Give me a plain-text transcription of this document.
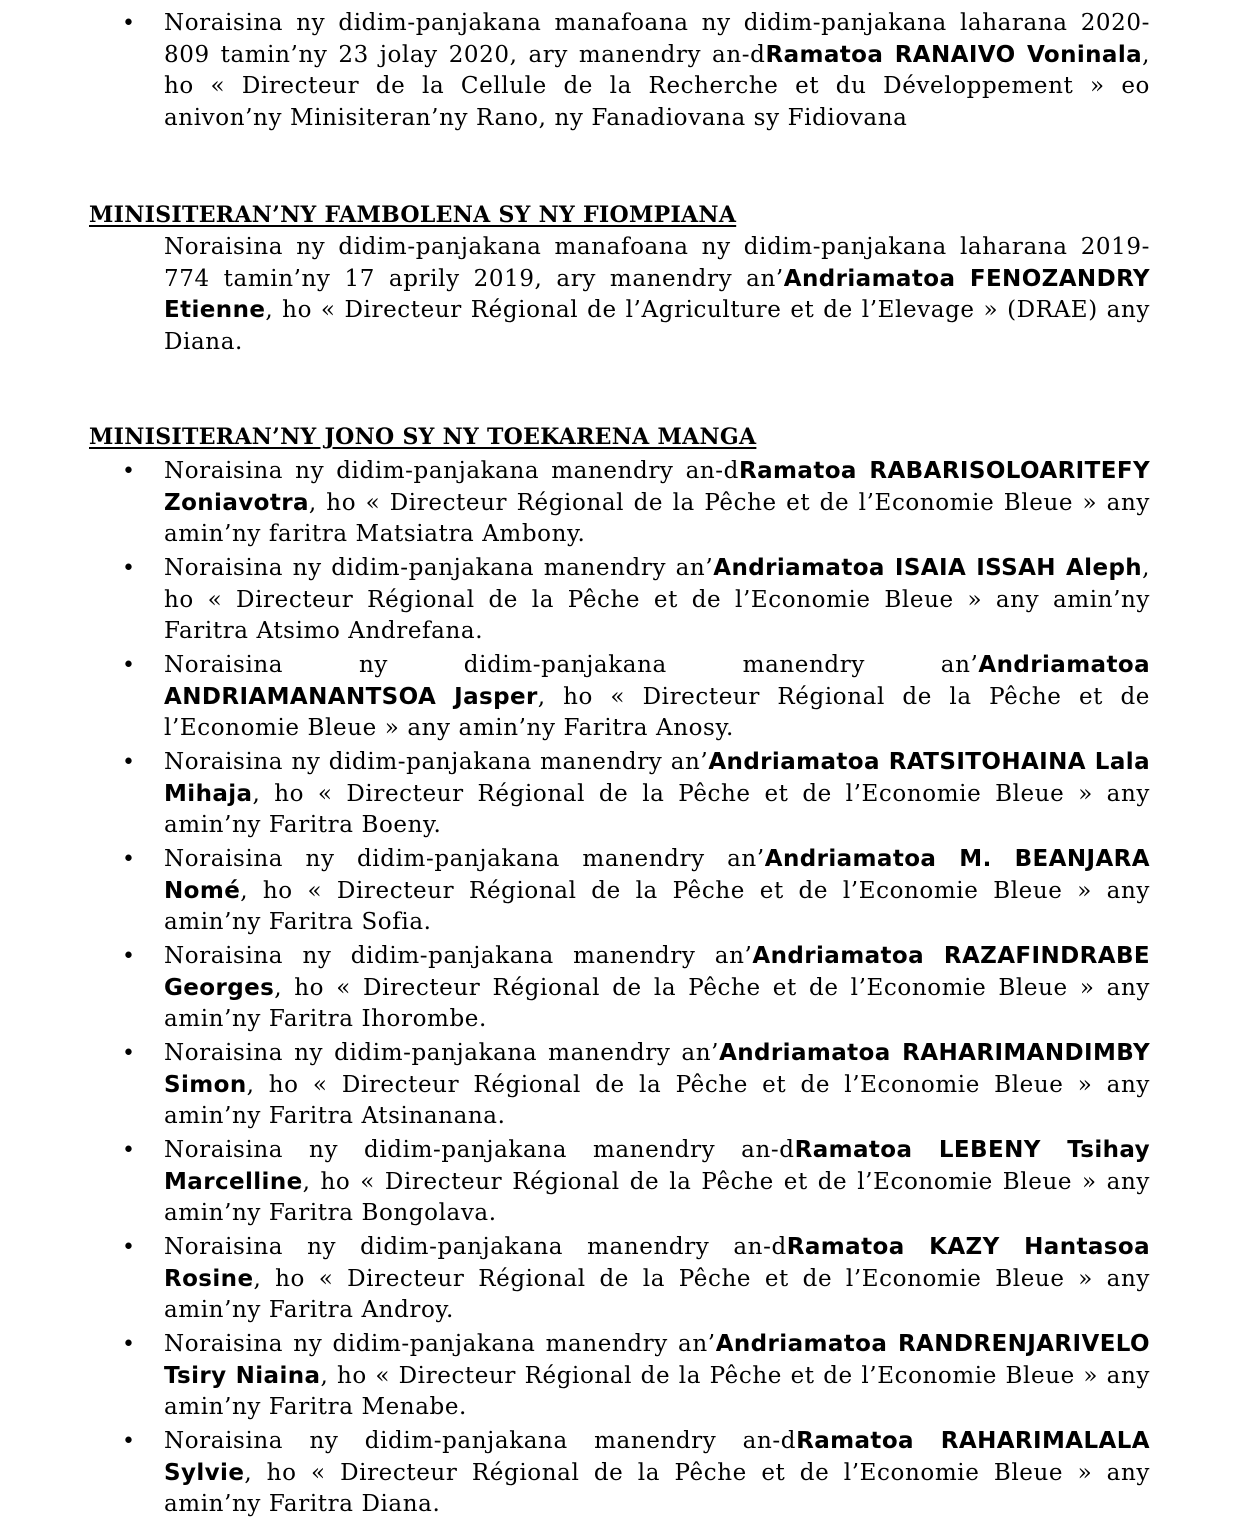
• Noraisina ny didim-panjakana manafoana ny didim-panjakana laharana 2020-809 tamin’ny 23 jolay 2020, ary manendry an-dRamatoa RANAIVO Voninala, ho « Directeur de la Cellule de la Recherche et du Développement » eo anivon’ny Minisiteran’ny Rano, ny Fanadiovana sy Fidiovana
MINISITERAN’NY FAMBOLENA SY NY FIOMPIANA
Noraisina ny didim-panjakana manafoana ny didim-panjakana laharana 2019-774 tamin’ny 17 aprily 2019, ary manendry an’Andriamatoa FENOZANDRY Etienne, ho « Directeur Régional de l’Agriculture et de l’Elevage » (DRAE) any Diana.
MINISITERAN’NY JONO SY NY TOEKARENA MANGA
• Noraisina ny didim-panjakana manendry an-dRamatoa RABARISOLOARITEFY Zoniavotra, ho « Directeur Régional de la Pêche et de l’Economie Bleue » any amin’ny faritra Matsiatra Ambony.
• Noraisina ny didim-panjakana manendry an’Andriamatoa ISAIA ISSAH Aleph, ho « Directeur Régional de la Pêche et de l’Economie Bleue » any amin’ny Faritra Atsimo Andrefana.
• Noraisina ny didim-panjakana manendry an’Andriamatoa ANDRIAMANANTSOA Jasper, ho « Directeur Régional de la Pêche et de l’Economie Bleue » any amin’ny Faritra Anosy.
• Noraisina ny didim-panjakana manendry an’Andriamatoa RATSITOHAINA Lala Mihaja, ho « Directeur Régional de la Pêche et de l’Economie Bleue » any amin’ny Faritra Boeny.
• Noraisina ny didim-panjakana manendry an’Andriamatoa M. BEANJARA Nomé, ho « Directeur Régional de la Pêche et de l’Economie Bleue » any amin’ny Faritra Sofia.
• Noraisina ny didim-panjakana manendry an’Andriamatoa RAZAFINDRABE Georges, ho « Directeur Régional de la Pêche et de l’Economie Bleue » any amin’ny Faritra Ihorombe.
• Noraisina ny didim-panjakana manendry an’Andriamatoa RAHARIMANDIMBY Simon, ho « Directeur Régional de la Pêche et de l’Economie Bleue » any amin’ny Faritra Atsinanana.
• Noraisina ny didim-panjakana manendry an-dRamatoa LEBENY Tsihay Marcelline, ho « Directeur Régional de la Pêche et de l’Economie Bleue » any amin’ny Faritra Bongolava.
• Noraisina ny didim-panjakana manendry an-dRamatoa KAZY Hantasoa Rosine, ho « Directeur Régional de la Pêche et de l’Economie Bleue » any amin’ny Faritra Androy.
• Noraisina ny didim-panjakana manendry an’Andriamatoa RANDRENJARIVELO Tsiry Niaina, ho « Directeur Régional de la Pêche et de l’Economie Bleue » any amin’ny Faritra Menabe.
• Noraisina ny didim-panjakana manendry an-dRamatoa RAHARIMALALA Sylvie, ho « Directeur Régional de la Pêche et de l’Economie Bleue » any amin’ny Faritra Diana.
